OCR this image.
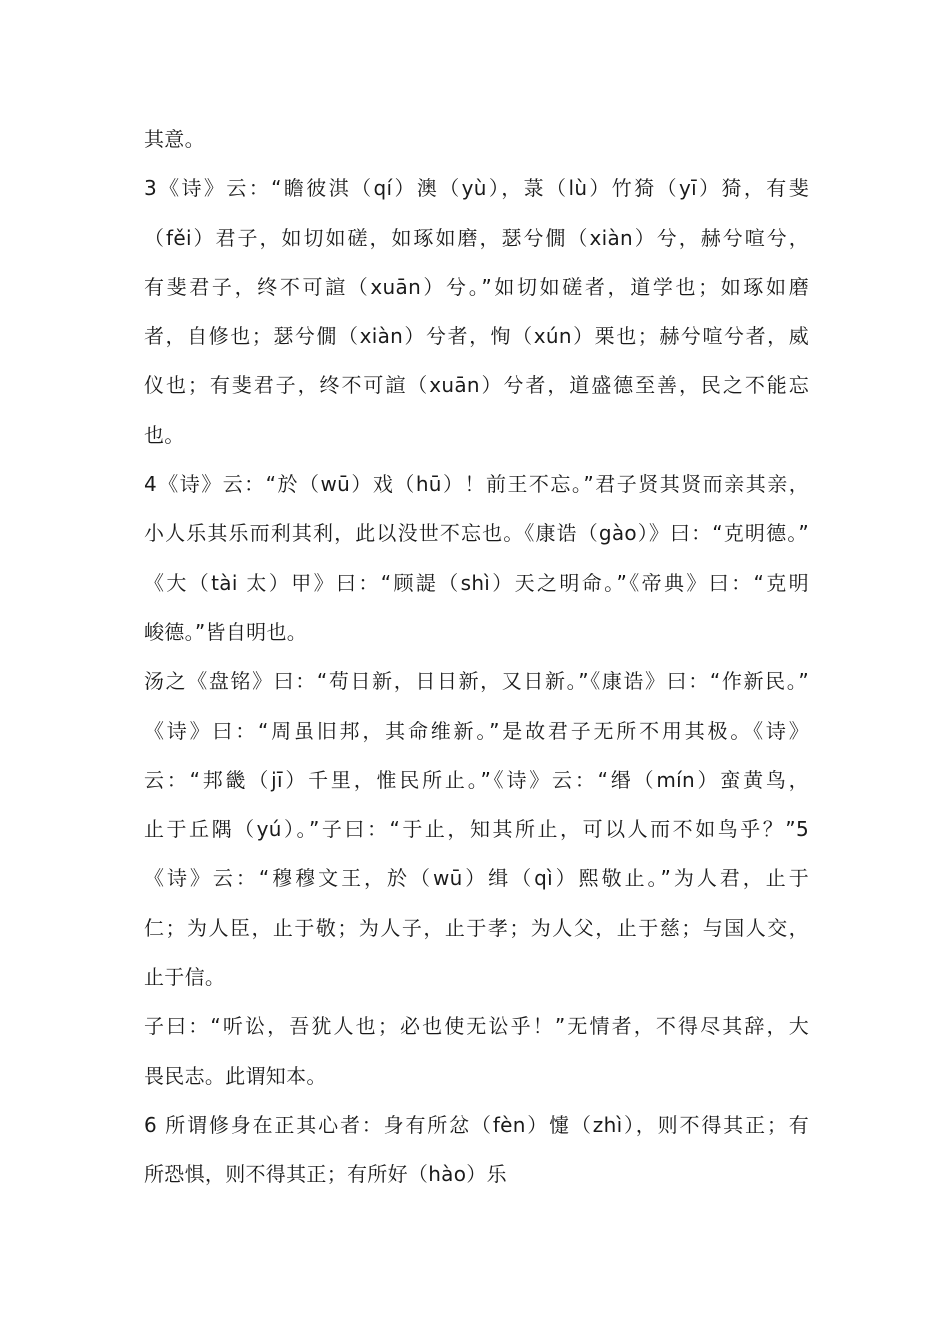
其意。
3《诗》云：“瞻彼淇（qí）澳（yù），菉（lù）竹猗（yī）猗，有斐
（fěi）君子，如切如磋，如琢如磨，瑟兮僩（xiàn）兮，赫兮喧兮，
有斐君子，终不可諠（xuān）兮。”如切如磋者，道学也；如琢如磨
者，自修也；瑟兮僩（xiàn）兮者，恂（xún）栗也；赫兮喧兮者，威
仪也；有斐君子，终不可諠（xuān）兮者，道盛德至善，民之不能忘
也。
4《诗》云：“於（wū）戏（hū）！前王不忘。”君子贤其贤而亲其亲，
小人乐其乐而利其利，此以没世不忘也。《康诰（gào）》曰：“克明德。”
《大（tài 太）甲》曰：“顾諟（shì）天之明命。”《帝典》曰：“克明
峻德。”皆自明也。
汤之《盘铭》曰：“苟日新，日日新，又日新。”《康诰》曰：“作新民。”
《诗》曰：“周虽旧邦，其命维新。”是故君子无所不用其极。《诗》
云：“邦畿（jī）千里，惟民所止。”《诗》云：“缗（mín）蛮黄鸟，
止于丘隅（yú）。”子曰：“于止，知其所止，可以人而不如鸟乎？”5
《诗》云：“穆穆文王，於（wū）缉（qì）熙敬止。”为人君，止于
仁；为人臣，止于敬；为人子，止于孝；为人父，止于慈；与国人交，
止于信。
子曰：“听讼，吾犹人也；必也使无讼乎！”无情者，不得尽其辞，大
畏民志。此谓知本。
6 所谓修身在正其心者：身有所忿（fèn）懥（zhì），则不得其正；有
所恐惧，则不得其正；有所好（hào）乐
